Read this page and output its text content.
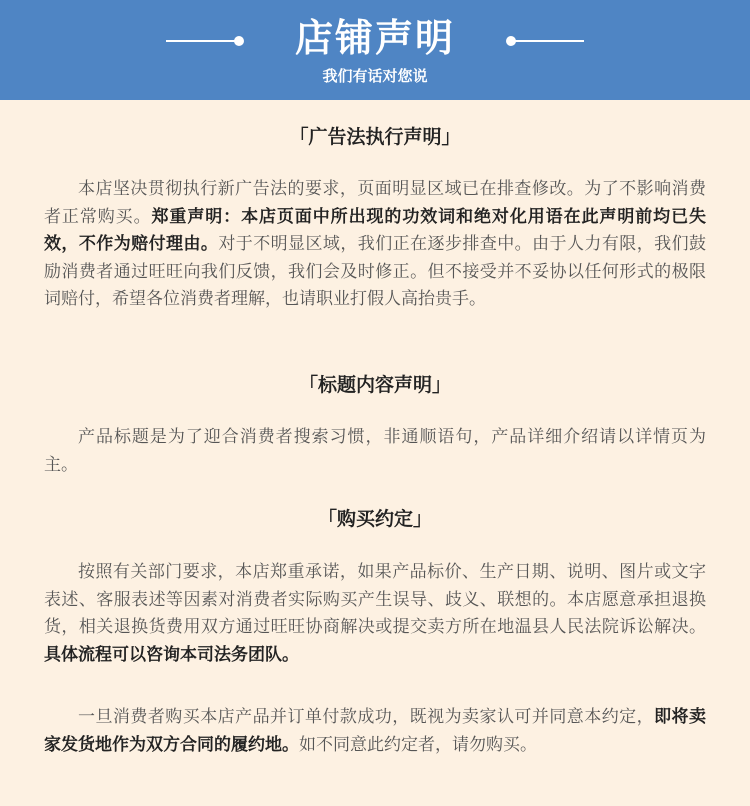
店铺声明
我们有话对您说
「广告法执行声明」

本店坚决贯彻执行新广告法的要求，页面明显区域已在排查修改。为了不影响消费者正常购买。郑重声明：本店页面中所出现的功效词和绝对化用语在此声明前均已失效，不作为赔付理由。对于不明显区域，我们正在逐步排查中。由于人力有限，我们鼓励消费者通过旺旺向我们反馈，我们会及时修正。但不接受并不妥协以任何形式的极限词赔付，希望各位消费者理解，也请职业打假人高抬贵手。

「标题内容声明」

产品标题是为了迎合消费者搜索习惯，非通顺语句，产品详细介绍请以详情页为主。

「购买约定」

按照有关部门要求，本店郑重承诺，如果产品标价、生产日期、说明、图片或文字表述、客服表述等因素对消费者实际购买产生误导、歧义、联想的。本店愿意承担退换货，相关退换货费用双方通过旺旺协商解决或提交卖方所在地温县人民法院诉讼解决。具体流程可以咨询本司法务团队。

一旦消费者购买本店产品并订单付款成功，既视为卖家认可并同意本约定，即将卖家发货地作为双方合同的履约地。如不同意此约定者，请勿购买。
